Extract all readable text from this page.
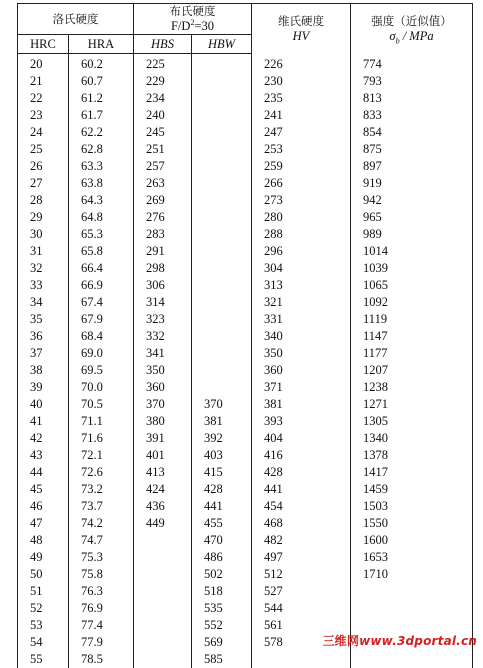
洛氏硬度		布氏硬度
$F/D^2=30$		维氏硬度
HV	强度（近似值）
$\sigma_b$ / MPa
HRC	HRA	HBS	HBW		
20	60.2	225		226	774
21	60.7	229		230	793
22	61.2	234		235	813
23	61.7	240		241	833
24	62.2	245		247	854
25	62.8	251		253	875
26	63.3	257		259	897
27	63.8	263		266	919
28	64.3	269		273	942
29	64.8	276		280	965
30	65.3	283		288	989
31	65.8	291		296	1014
32	66.4	298		304	1039
33	66.9	306		313	1065
34	67.4	314		321	1092
35	67.9	323		331	1119
36	68.4	332		340	1147
37	69.0	341		350	1177
38	69.5	350		360	1207
39	70.0	360		371	1238
40	70.5	370	370	381	1271
41	71.1	380	381	393	1305
42	71.6	391	392	404	1340
43	72.1	401	403	416	1378
44	72.6	413	415	428	1417
45	73.2	424	428	441	1459
46	73.7	436	441	454	1503
47	74.2	449	455	468	1550
48	74.7		470	482	1600
49	75.3		486	497	1653
50	75.8		502	512	1710
51	76.3		518	527	
52	76.9		535	544	
53	77.4		552	561	
54	77.9		569	578	
55	78.5		585		
三维网www.3dportal.cn
